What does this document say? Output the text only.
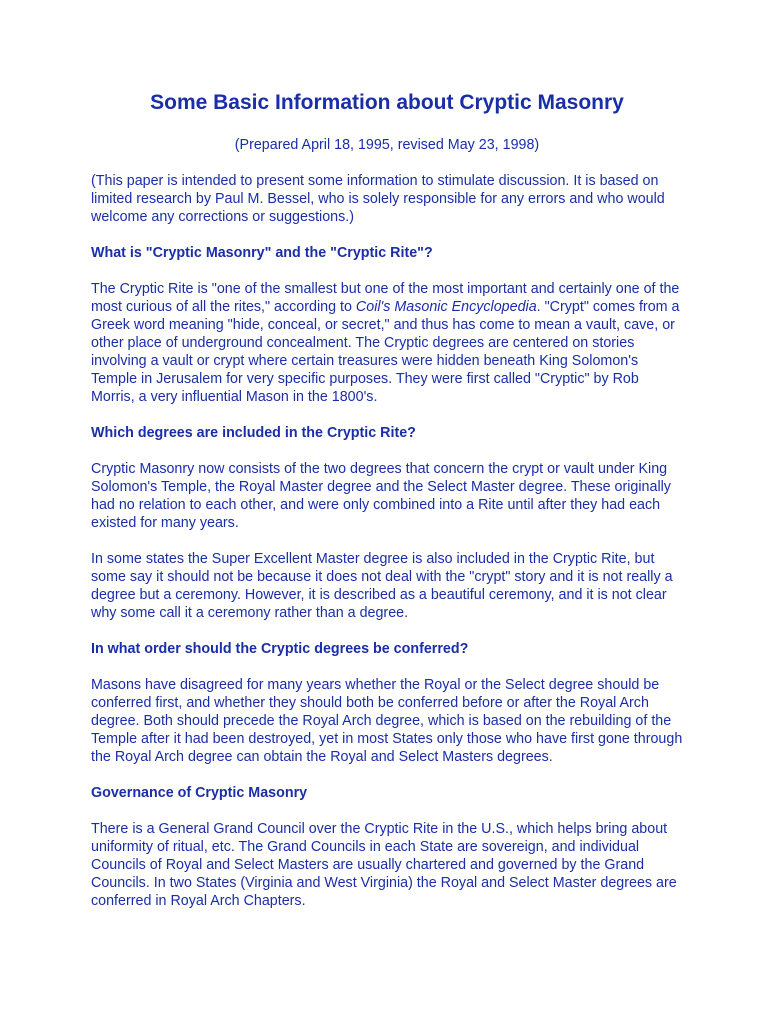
Some Basic Information about Cryptic Masonry
(Prepared April 18, 1995, revised May 23, 1998)

(This paper is intended to present some information to stimulate discussion. It is based on limited research by Paul M. Bessel, who is solely responsible for any errors and who would welcome any corrections or suggestions.)

What is "Cryptic Masonry" and the "Cryptic Rite"?

The Cryptic Rite is "one of the smallest but one of the most important and certainly one of the most curious of all the rites," according to Coil's Masonic Encyclopedia. "Crypt" comes from a Greek word meaning "hide, conceal, or secret," and thus has come to mean a vault, cave, or other place of underground concealment. The Cryptic degrees are centered on stories involving a vault or crypt where certain treasures were hidden beneath King Solomon's Temple in Jerusalem for very specific purposes. They were first called "Cryptic" by Rob Morris, a very influential Mason in the 1800's.

Which degrees are included in the Cryptic Rite?

Cryptic Masonry now consists of the two degrees that concern the crypt or vault under King Solomon's Temple, the Royal Master degree and the Select Master degree. These originally had no relation to each other, and were only combined into a Rite until after they had each existed for many years.

In some states the Super Excellent Master degree is also included in the Cryptic Rite, but some say it should not be because it does not deal with the "crypt" story and it is not really a degree but a ceremony. However, it is described as a beautiful ceremony, and it is not clear why some call it a ceremony rather than a degree.

In what order should the Cryptic degrees be conferred?

Masons have disagreed for many years whether the Royal or the Select degree should be conferred first, and whether they should both be conferred before or after the Royal Arch degree. Both should precede the Royal Arch degree, which is based on the rebuilding of the Temple after it had been destroyed, yet in most States only those who have first gone through the Royal Arch degree can obtain the Royal and Select Masters degrees.

Governance of Cryptic Masonry

There is a General Grand Council over the Cryptic Rite in the U.S., which helps bring about uniformity of ritual, etc. The Grand Councils in each State are sovereign, and individual Councils of Royal and Select Masters are usually chartered and governed by the Grand Councils. In two States (Virginia and West Virginia) the Royal and Select Master degrees are conferred in Royal Arch Chapters.
